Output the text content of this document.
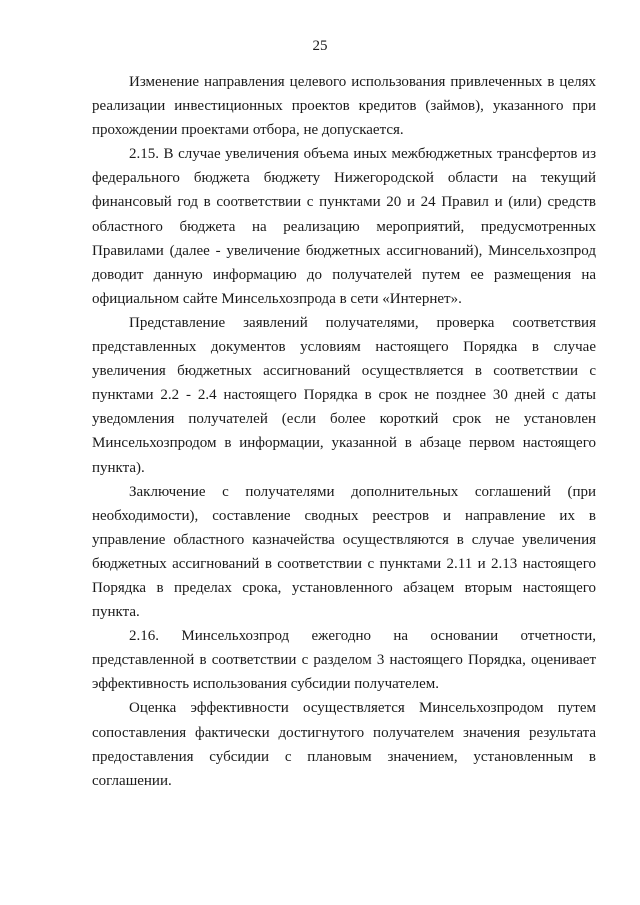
25

Изменение направления целевого использования привлеченных в целях
реализации инвестиционных проектов кредитов (займов), указанного при
прохождении проектами отбора, не допускается.

2.15. В случае увеличения объема иных межбюджетных трансфертов из
федерального бюджета бюджету Нижегородской области на текущий
финансовый год в соответствии с пунктами 20 и 24 Правил и (или) средств
областного бюджета на реализацию мероприятий, предусмотренных
Правилами (далее - увеличение бюджетных ассигнований), Минсельхозпрод
доводит данную информацию до получателей путем ее размещения на
официальном сайте Минсельхозпрода в сети «Интернет».

Представление заявлений получателями, проверка соответствия
представленных документов условиям настоящего Порядка в случае
увеличения бюджетных ассигнований осуществляется в соответствии с
пунктами 2.2 - 2.4 настоящего Порядка в срок не позднее 30 дней с даты
уведомления получателей (если более короткий срок не установлен
Минсельхозпродом в информации, указанной в абзаце первом настоящего
пункта).

Заключение с получателями дополнительных соглашений (при
необходимости), составление сводных реестров и направление их в
управление областного казначейства осуществляются в случае увеличения
бюджетных ассигнований в соответствии с пунктами 2.11 и 2.13 настоящего
Порядка в пределах срока, установленного абзацем вторым настоящего
пункта.

2.16. Минсельхозпрод ежегодно на основании отчетности,
представленной в соответствии с разделом 3 настоящего Порядка, оценивает
эффективность использования субсидии получателем.

Оценка эффективности осуществляется Минсельхозпродом путем
сопоставления фактически достигнутого получателем значения результата
предоставления субсидии с плановым значением, установленным в
соглашении.
